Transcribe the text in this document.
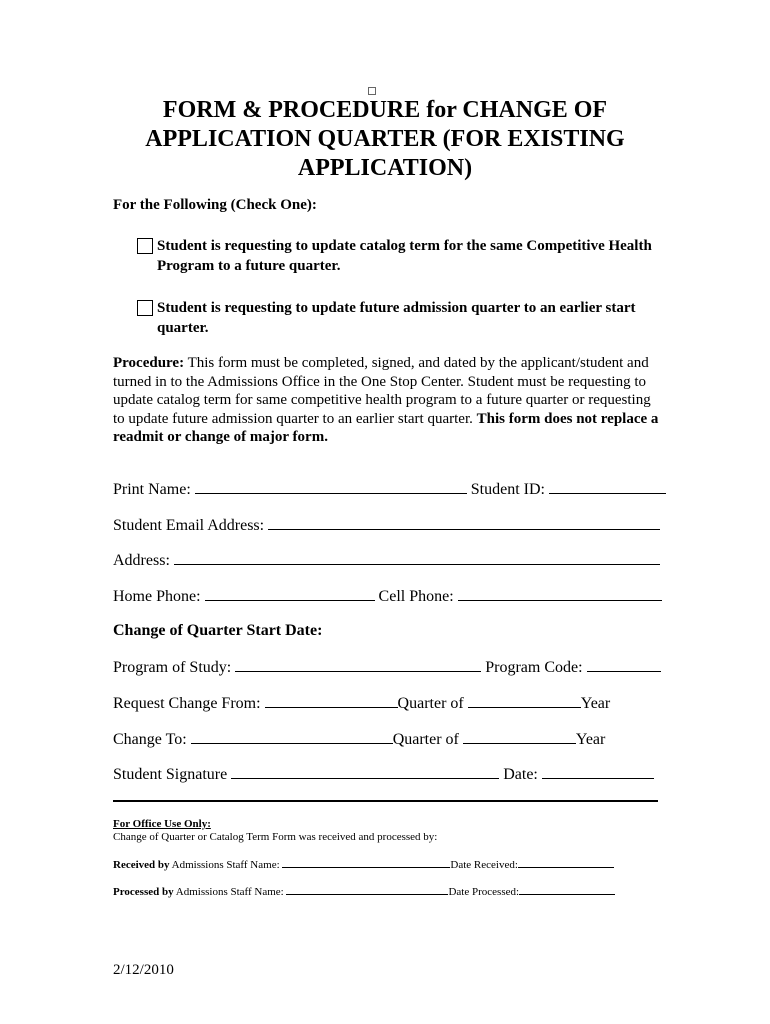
FORM & PROCEDURE for CHANGE OF
APPLICATION QUARTER (FOR EXISTING
APPLICATION)
For the Following (Check One):
Student is requesting to update catalog term for the same Competitive Health Program to a future quarter.
Student is requesting to update future admission quarter to an earlier start quarter.
Procedure: This form must be completed, signed, and dated by the applicant/student and turned in to the Admissions Office in the One Stop Center. Student must be requesting to update catalog term for same competitive health program to a future quarter or requesting to update future admission quarter to an earlier start quarter. This form does not replace a readmit or change of major form.
Print Name:	Student ID:
Student Email Address:
Address:
Home Phone:	Cell Phone:
Change of Quarter Start Date:
Program of Study:	Program Code:
Request Change From:	Quarter of	Year
Change To:	Quarter of	Year
Student Signature	Date:
For Office Use Only:
Change of Quarter or Catalog Term Form was received and processed by:
Received by Admissions Staff Name:	Date Received:
Processed by Admissions Staff Name:	Date Processed:
2/12/2010
